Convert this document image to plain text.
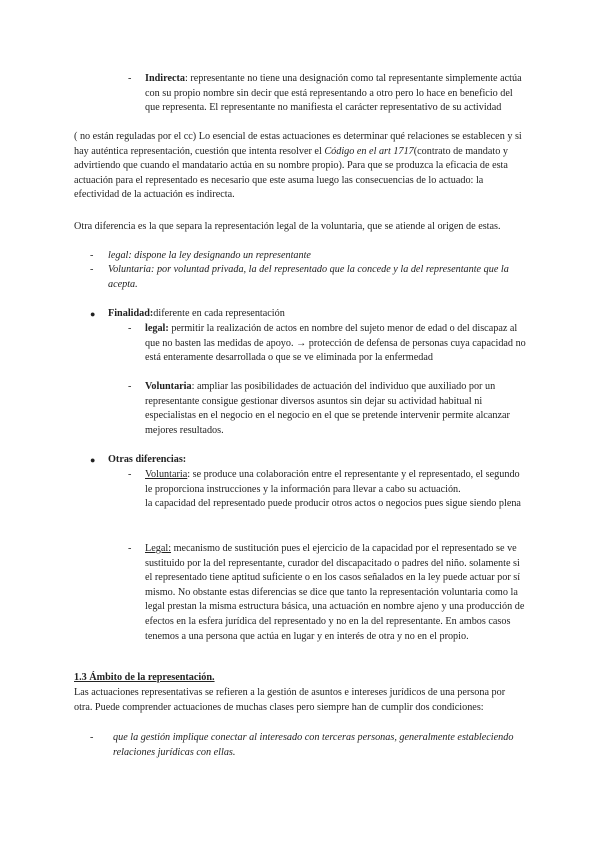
- Indirecta: representante no tiene una designación como tal representante simplemente actúa con su propio nombre sin decir que está representando a otro pero lo hace en beneficio del que representa. El representante no manifiesta el carácter representativo de su actividad

( no están reguladas por el cc) Lo esencial de estas actuaciones es determinar qué relaciones se establecen y si hay auténtica representación, cuestión que intenta resolver el Código en el art 1717(contrato de mandato y advirtiendo que cuando el mandatario actúa en su nombre propio). Para que se produzca la eficacia de esta actuación para el representado es necesario que este asuma luego las consecuencias de lo actuado: la efectividad de la actuación es indirecta.

Otra diferencia es la que separa la representación legal de la voluntaria, que se atiende al origen de estas.

- legal: dispone la ley designando un representante
- Voluntaria: por voluntad privada, la del representado que la concede y la del representante que la acepta.
● Finalidad:diferente en cada representación
- legal: permitir la realización de actos en nombre del sujeto menor de edad o del discapaz al que no basten las medidas de apoyo. → protección de defensa de personas cuya capacidad no está enteramente desarrollada o que se ve eliminada por la enfermedad
- Voluntaria: ampliar las posibilidades de actuación del individuo que auxiliado por un representante consigue gestionar diversos asuntos sin dejar su actividad habitual ni especialistas en el negocio en el negocio en el que se pretende intervenir permite alcanzar mejores resultados.
● Otras diferencias:
- Voluntaria: se produce una colaboración entre el representante y el representado, el segundo le proporciona instrucciones y la información para llevar a cabo su actuación.
la capacidad del representado puede producir otros actos o negocios pues sigue siendo plena
- Legal: mecanismo de sustitución pues el ejercicio de la capacidad por el representado se ve sustituido por la del representante, curador del discapacitado o padres del niño. solamente si el representado tiene aptitud suficiente o en los casos señalados en la ley puede actuar por sí mismo. No obstante estas diferencias se dice que tanto la representación voluntaria como la legal prestan la misma estructura básica, una actuación en nombre ajeno y una producción de efectos en la esfera jurídica del representado y no en la del representante. En ambos casos tenemos a una persona que actúa en lugar y en interés de otra y no en el propio.
1.3 Ámbito de la representación.

Las actuaciones representativas se refieren a la gestión de asuntos e intereses jurídicos de una persona por otra. Puede comprender actuaciones de muchas clases pero siempre han de cumplir dos condiciones:

- que la gestión implique conectar al interesado con terceras personas, generalmente estableciendo relaciones jurídicas con ellas.
